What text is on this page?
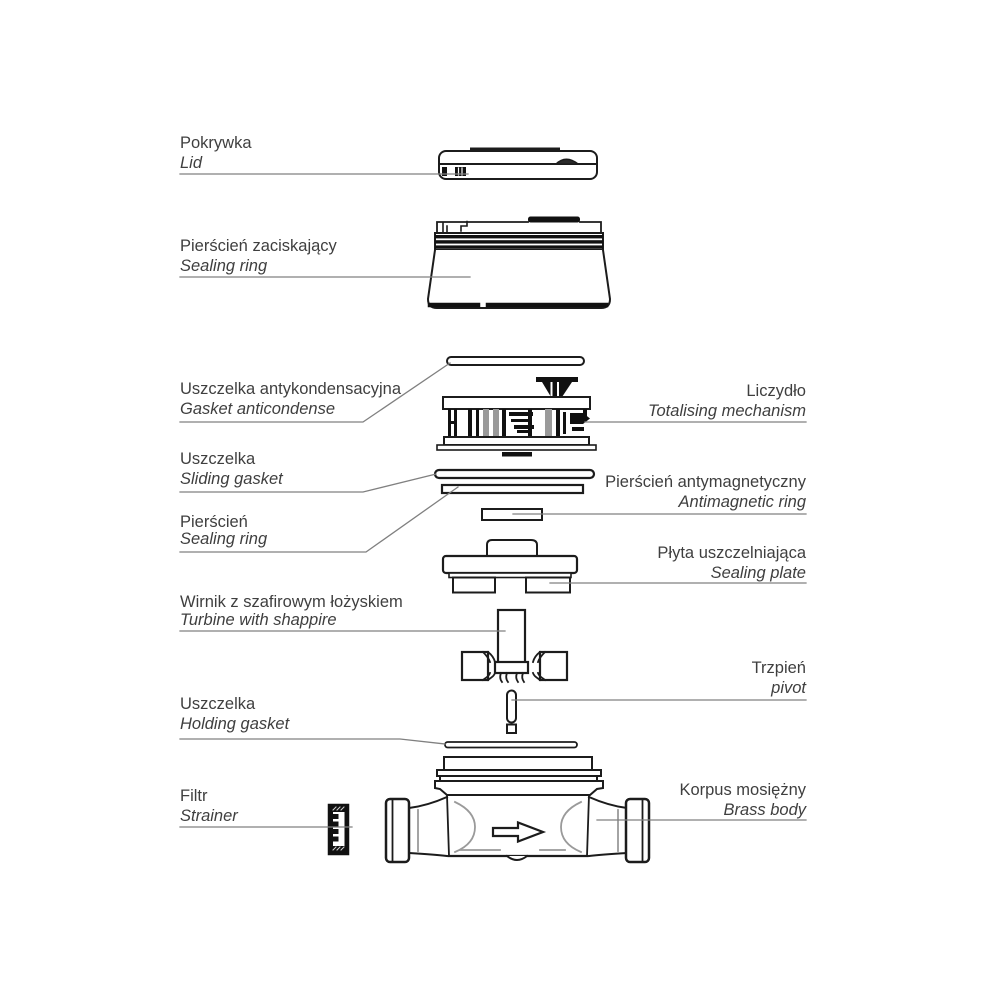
Pokrywka
Lid
Pierścień zaciskający
Sealing ring
Uszczelka antykondensacyjna
Gasket anticondense
Uszczelka
Sliding gasket
Pierścień
Sealing ring
Wirnik z szafirowym łożyskiem
Turbine with shappire
Uszczelka
Holding gasket
Filtr
Strainer
Liczydło
Totalising mechanism
Pierścień antymagnetyczny
Antimagnetic ring
Płyta uszczelniająca
Sealing plate
Trzpień
pivot
Korpus mosiężny
Brass body
